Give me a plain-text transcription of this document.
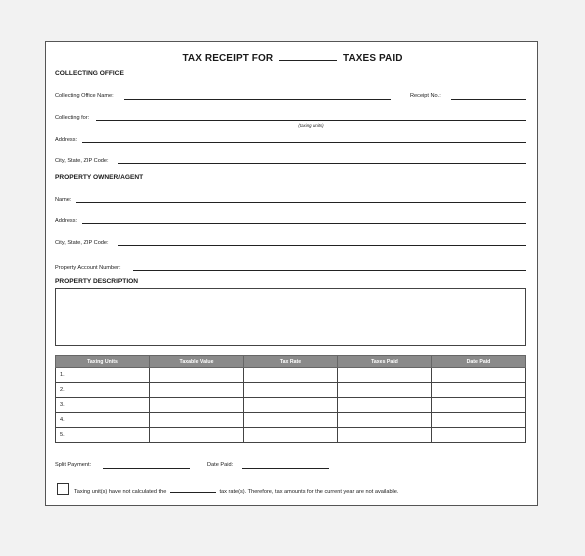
TAX RECEIPT FOR	TAXES PAID
COLLECTING OFFICE
Collecting Office Name:	Receipt No.:
Collecting for:
(taxing units)
Address:
City, State, ZIP Code:
PROPERTY OWNER/AGENT
Name:
Address:
City, State, ZIP Code:
Property Account Number:
PROPERTY DESCRIPTION
Taxing Units	Taxable Value	Tax Rate	Taxes Paid	Date Paid
1.				
2.				
3.				
4.				
5.				
Split Payment:	Date Paid:
Taxing unit(s) have not calculated the	tax rate(s). Therefore, tax amounts for the current year are not available.
